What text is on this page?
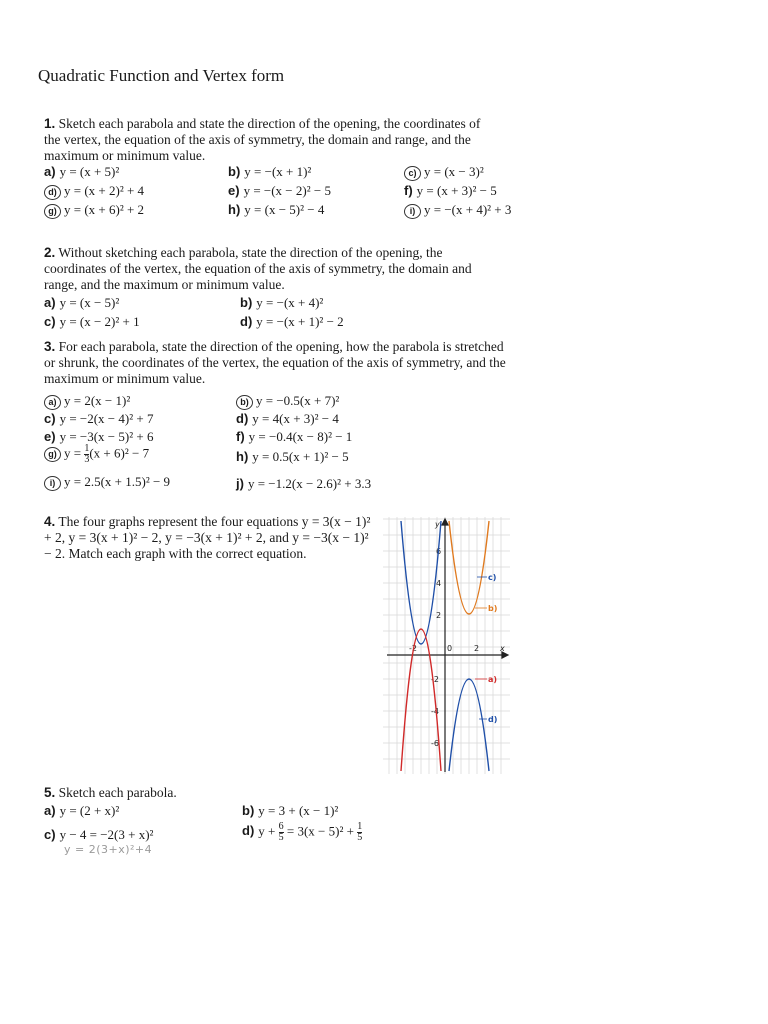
Quadratic Function and Vertex form
1. Sketch each parabola and state the direction of the opening, the coordinates of the vertex, the equation of the axis of symmetry, the domain and range, and the maximum or minimum value.
a) y = (x + 5)²	b) y = −(x + 1)²	c) y = (x − 3)²
d) y = (x + 2)² + 4	e) y = −(x − 2)² − 5	f) y = (x + 3)² − 5
g) y = (x + 6)² + 2	h) y = (x − 5)² − 4	i) y = −(x + 4)² + 3
2. Without sketching each parabola, state the direction of the opening, the coordinates of the vertex, the equation of the axis of symmetry, the domain and range, and the maximum or minimum value.
a) y = (x − 5)²	b) y = −(x + 4)²
c) y = (x − 2)² + 1	d) y = −(x + 1)² − 2
3. For each parabola, state the direction of the opening, how the parabola is stretched or shrunk, the coordinates of the vertex, the equation of the axis of symmetry, and the maximum or minimum value.
a) y = 2(x − 1)²	b) y = −0.5(x + 7)²
c) y = −2(x − 4)² + 7	d) y = 4(x + 3)² − 4
e) y = −3(x − 5)² + 6	f) y = −0.4(x − 8)² − 1
g) $y = \frac{1}{3} (x + 6)^2 - 7$	h) y = 0.5(x + 1)² − 5
i) y = 2.5(x + 1.5)² − 9	j) y = −1.2(x − 2.6)² + 3.3
4. The four graphs represent the four equations y = 3(x − 1)² + 2, y = 3(x + 1)² − 2, y = −3(x + 1)² + 2, and y = −3(x − 1)² − 2. Match each graph with the correct equation.
-2	0	2	x
y
6
4
2
-2
-4
-6
c)
b)
a)
d)
5. Sketch each parabola.
a) y = (2 + x)²	b) y = 3 + (x − 1)²
c) y − 4 = −2(3 + x)²	d) $y + \frac{6}{5} = 3(x - 5)^2 + \frac{1}{5}$
y = 2(3+x)²+4
